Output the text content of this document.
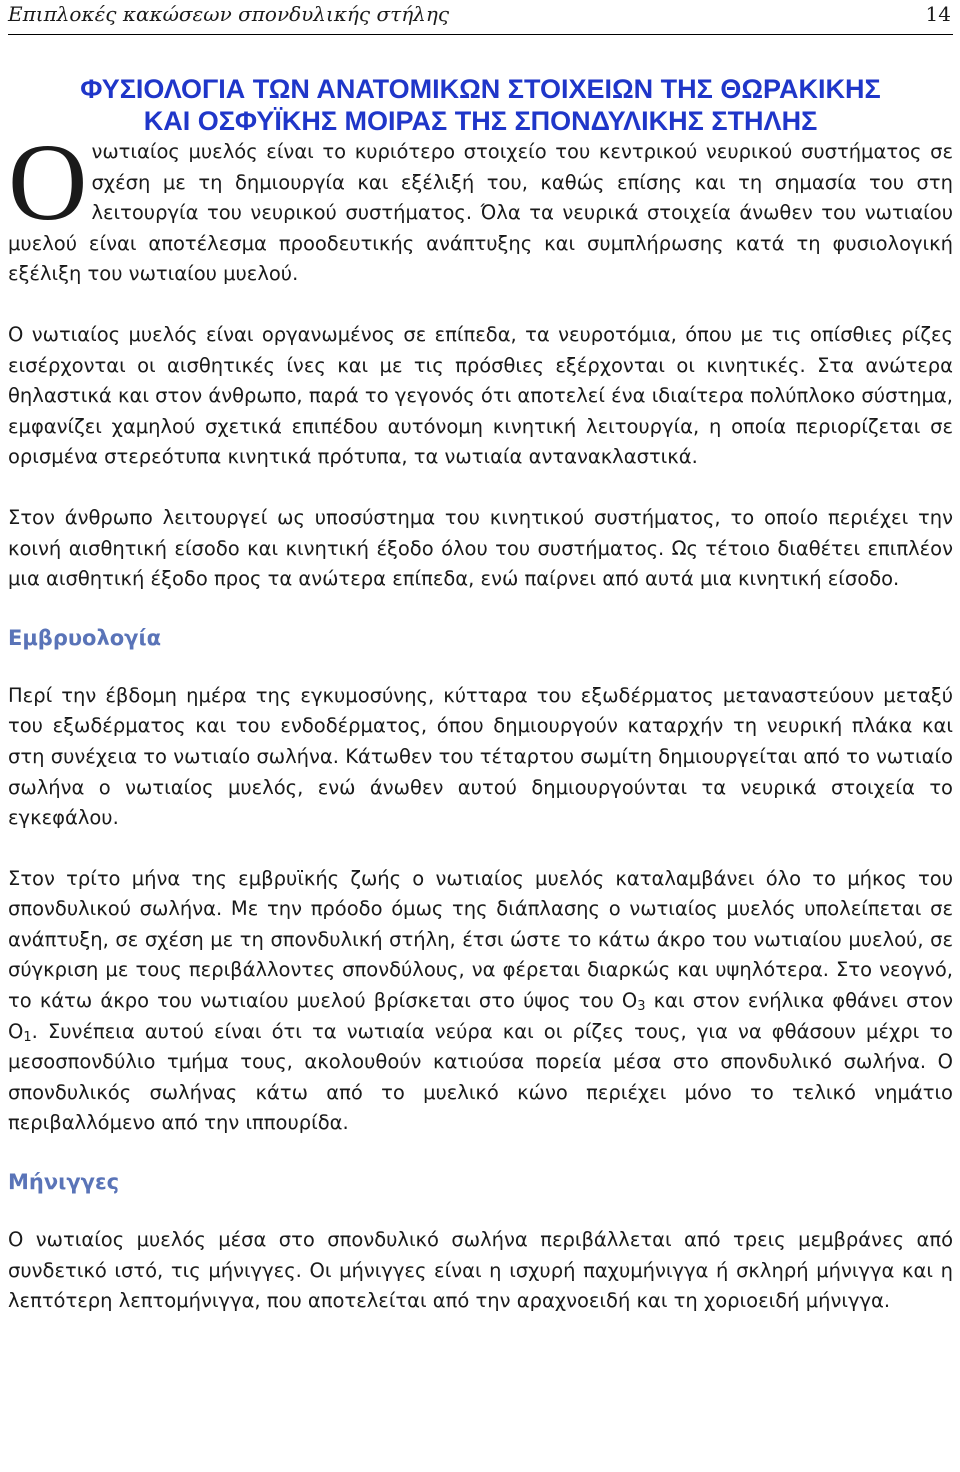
Επιπλοκές κακώσεων σπονδυλικής στήλης	14
ΦΥΣΙΟΛΟΓΙΑ ΤΩΝ ΑΝΑΤΟΜΙΚΩΝ ΣΤΟΙΧΕΙΩΝ ΤΗΣ ΘΩΡΑΚΙΚΗΣ
ΚΑΙ ΟΣΦΥΪΚΗΣ ΜΟΙΡΑΣ ΤΗΣ ΣΠΟΝΔΥΛΙΚΗΣ ΣΤΗΛΗΣ

Ονωτιαίος μυελός είναι το κυριότερο στοιχείο του κεντρικού νευρικού συστήματος σε σχέση με τη δημιουργία και εξέλιξή του, καθώς επίσης και τη σημασία του στη λειτουργία του νευρικού συστήματος. Όλα τα νευρικά στοιχεία άνωθεν του νωτιαίου μυελού είναι αποτέλεσμα προοδευτικής ανάπτυξης και συμπλήρωσης κατά τη φυσιολογική εξέλιξη του νωτιαίου μυελού.

Ο νωτιαίος μυελός είναι οργανωμένος σε επίπεδα, τα νευροτόμια, όπου με τις οπίσθιες ρίζες εισέρχονται οι αισθητικές ίνες και με τις πρόσθιες εξέρχονται οι κινητικές. Στα ανώτερα θηλαστικά και στον άνθρωπο, παρά το γεγονός ότι αποτελεί ένα ιδιαίτερα πολύπλοκο σύστημα, εμφανίζει χαμηλού σχετικά επιπέδου αυτόνομη κινητική λειτουργία, η οποία περιορίζεται σε ορισμένα στερεότυπα κινητικά πρότυπα, τα νωτιαία αντανακλαστικά.

Στον άνθρωπο λειτουργεί ως υποσύστημα του κινητικού συστήματος, το οποίο περιέχει την κοινή αισθητική είσοδο και κινητική έξοδο όλου του συστήματος. Ως τέτοιο διαθέτει επιπλέον μια αισθητική έξοδο προς τα ανώτερα επίπεδα, ενώ παίρνει από αυτά μια κινητική είσοδο.

Εμβρυολογία

Περί την έβδομη ημέρα της εγκυμοσύνης, κύτταρα του εξωδέρματος μεταναστεύουν μεταξύ του εξωδέρματος και του ενδοδέρματος, όπου δημιουργούν καταρχήν τη νευρική πλάκα και στη συνέχεια το νωτιαίο σωλήνα. Κάτωθεν του τέταρτου σωμίτη δημιουργείται από το νωτιαίο σωλήνα ο νωτιαίος μυελός, ενώ άνωθεν αυτού δημιουργούνται τα νευρικά στοιχεία το εγκεφάλου.

Στον τρίτο μήνα της εμβρυϊκής ζωής ο νωτιαίος μυελός καταλαμβάνει όλο το μήκος του σπονδυλικού σωλήνα. Με την πρόοδο όμως της διάπλασης ο νωτιαίος μυελός υπολείπεται σε ανάπτυξη, σε σχέση με τη σπονδυλική στήλη, έτσι ώστε το κάτω άκρο του νωτιαίου μυελού, σε σύγκριση με τους περιβάλλοντες σπονδύλους, να φέρεται διαρκώς και υψηλότερα. Στο νεογνό, το κάτω άκρο του νωτιαίου μυελού βρίσκεται στο ύψος του $O_3$ και στον ενήλικα φθάνει στον $O_1$. Συνέπεια αυτού είναι ότι τα νωτιαία νεύρα και οι ρίζες τους, για να φθάσουν μέχρι το μεσοσπονδύλιο τμήμα τους, ακολουθούν κατιούσα πορεία μέσα στο σπονδυλικό σωλήνα. Ο σπονδυλικός σωλήνας κάτω από το μυελικό κώνο περιέχει μόνο το τελικό νημάτιο περιβαλλόμενο από την ιππουρίδα.

Μήνιγγες

Ο νωτιαίος μυελός μέσα στο σπονδυλικό σωλήνα περιβάλλεται από τρεις μεμβράνες από συνδετικό ιστό, τις μήνιγγες. Οι μήνιγγες είναι η ισχυρή παχυμήνιγγα ή σκληρή μήνιγγα και η λεπτότερη λεπτομήνιγγα, που αποτελείται από την αραχνοειδή και τη χοριοειδή μήνιγγα.
